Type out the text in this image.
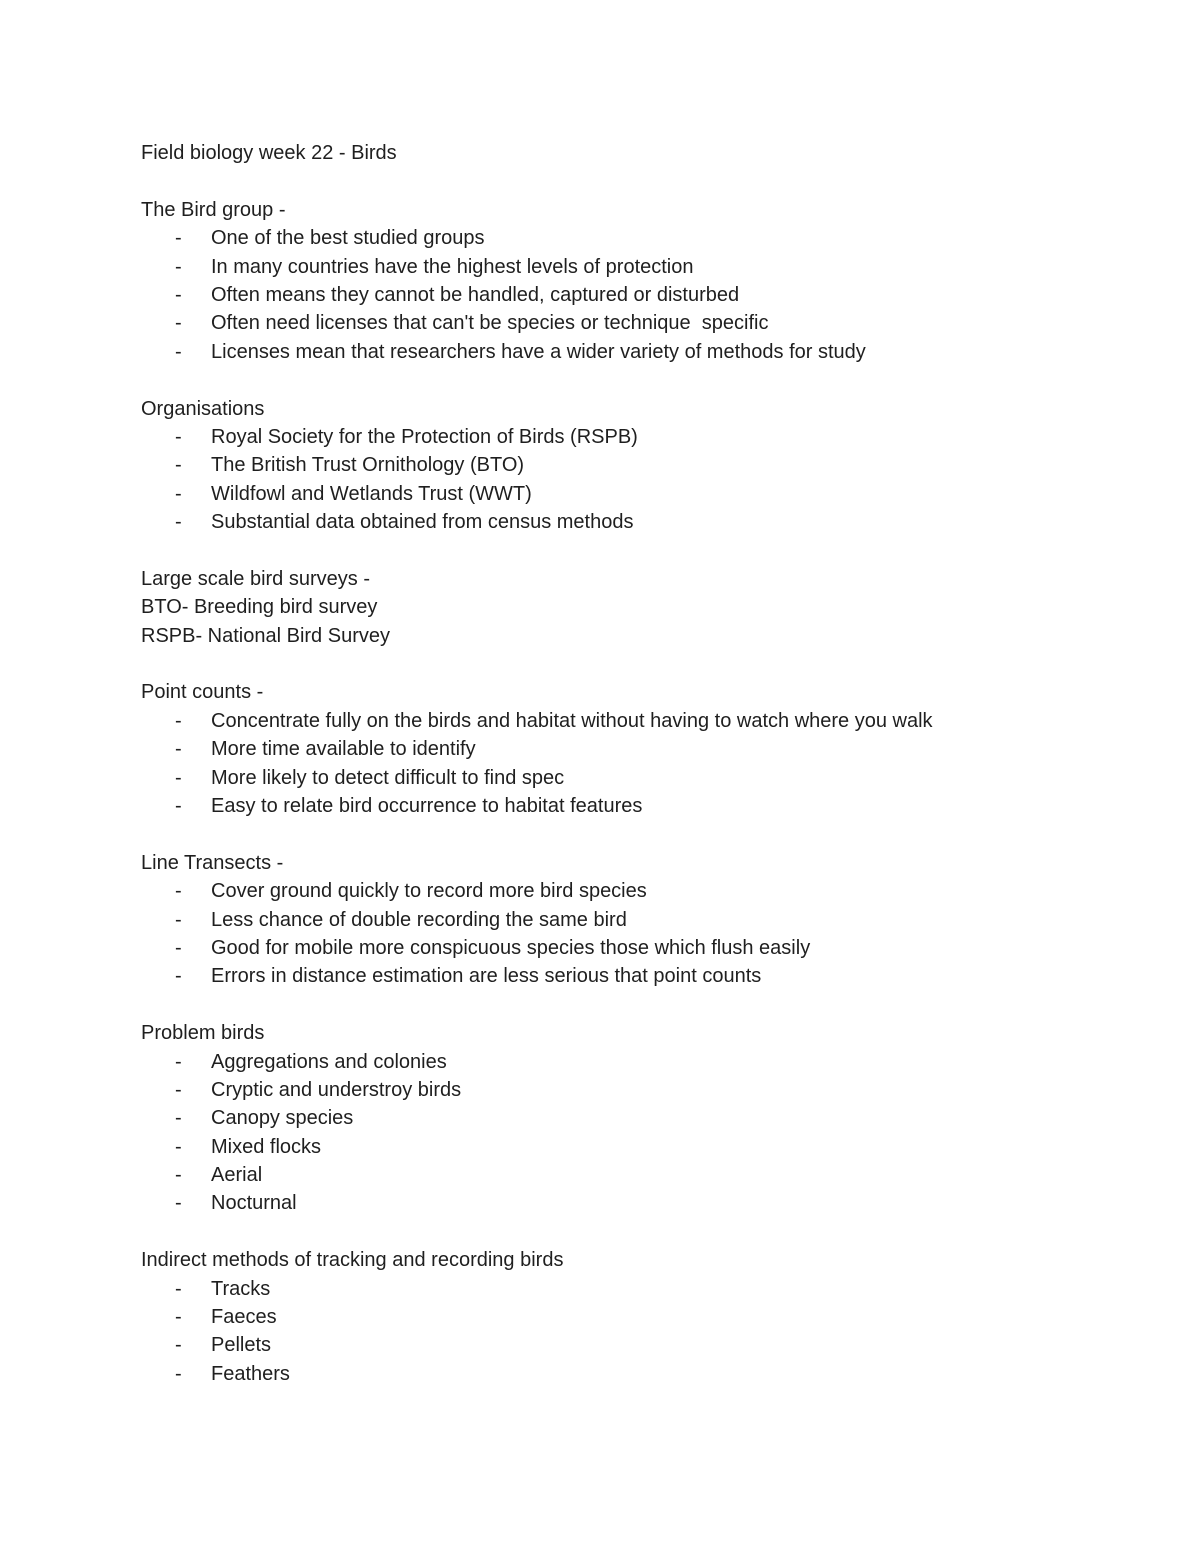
Field biology week 22 - Birds
The Bird group -
- One of the best studied groups
- In many countries have the highest levels of protection
- Often means they cannot be handled, captured or disturbed
- Often need licenses that can't be species or technique  specific
- Licenses mean that researchers have a wider variety of methods for study
Organisations
- Royal Society for the Protection of Birds (RSPB)
- The British Trust Ornithology (BTO)
- Wildfowl and Wetlands Trust (WWT)
- Substantial data obtained from census methods
Large scale bird surveys -
BTO- Breeding bird survey
RSPB- National Bird Survey
Point counts -
- Concentrate fully on the birds and habitat without having to watch where you walk
- More time available to identify
- More likely to detect difficult to find spec
- Easy to relate bird occurrence to habitat features
Line Transects -
- Cover ground quickly to record more bird species
- Less chance of double recording the same bird
- Good for mobile more conspicuous species those which flush easily
- Errors in distance estimation are less serious that point counts
Problem birds
- Aggregations and colonies
- Cryptic and understroy birds
- Canopy species
- Mixed flocks
- Aerial
- Nocturnal
Indirect methods of tracking and recording birds
- Tracks
- Faeces
- Pellets
- Feathers
